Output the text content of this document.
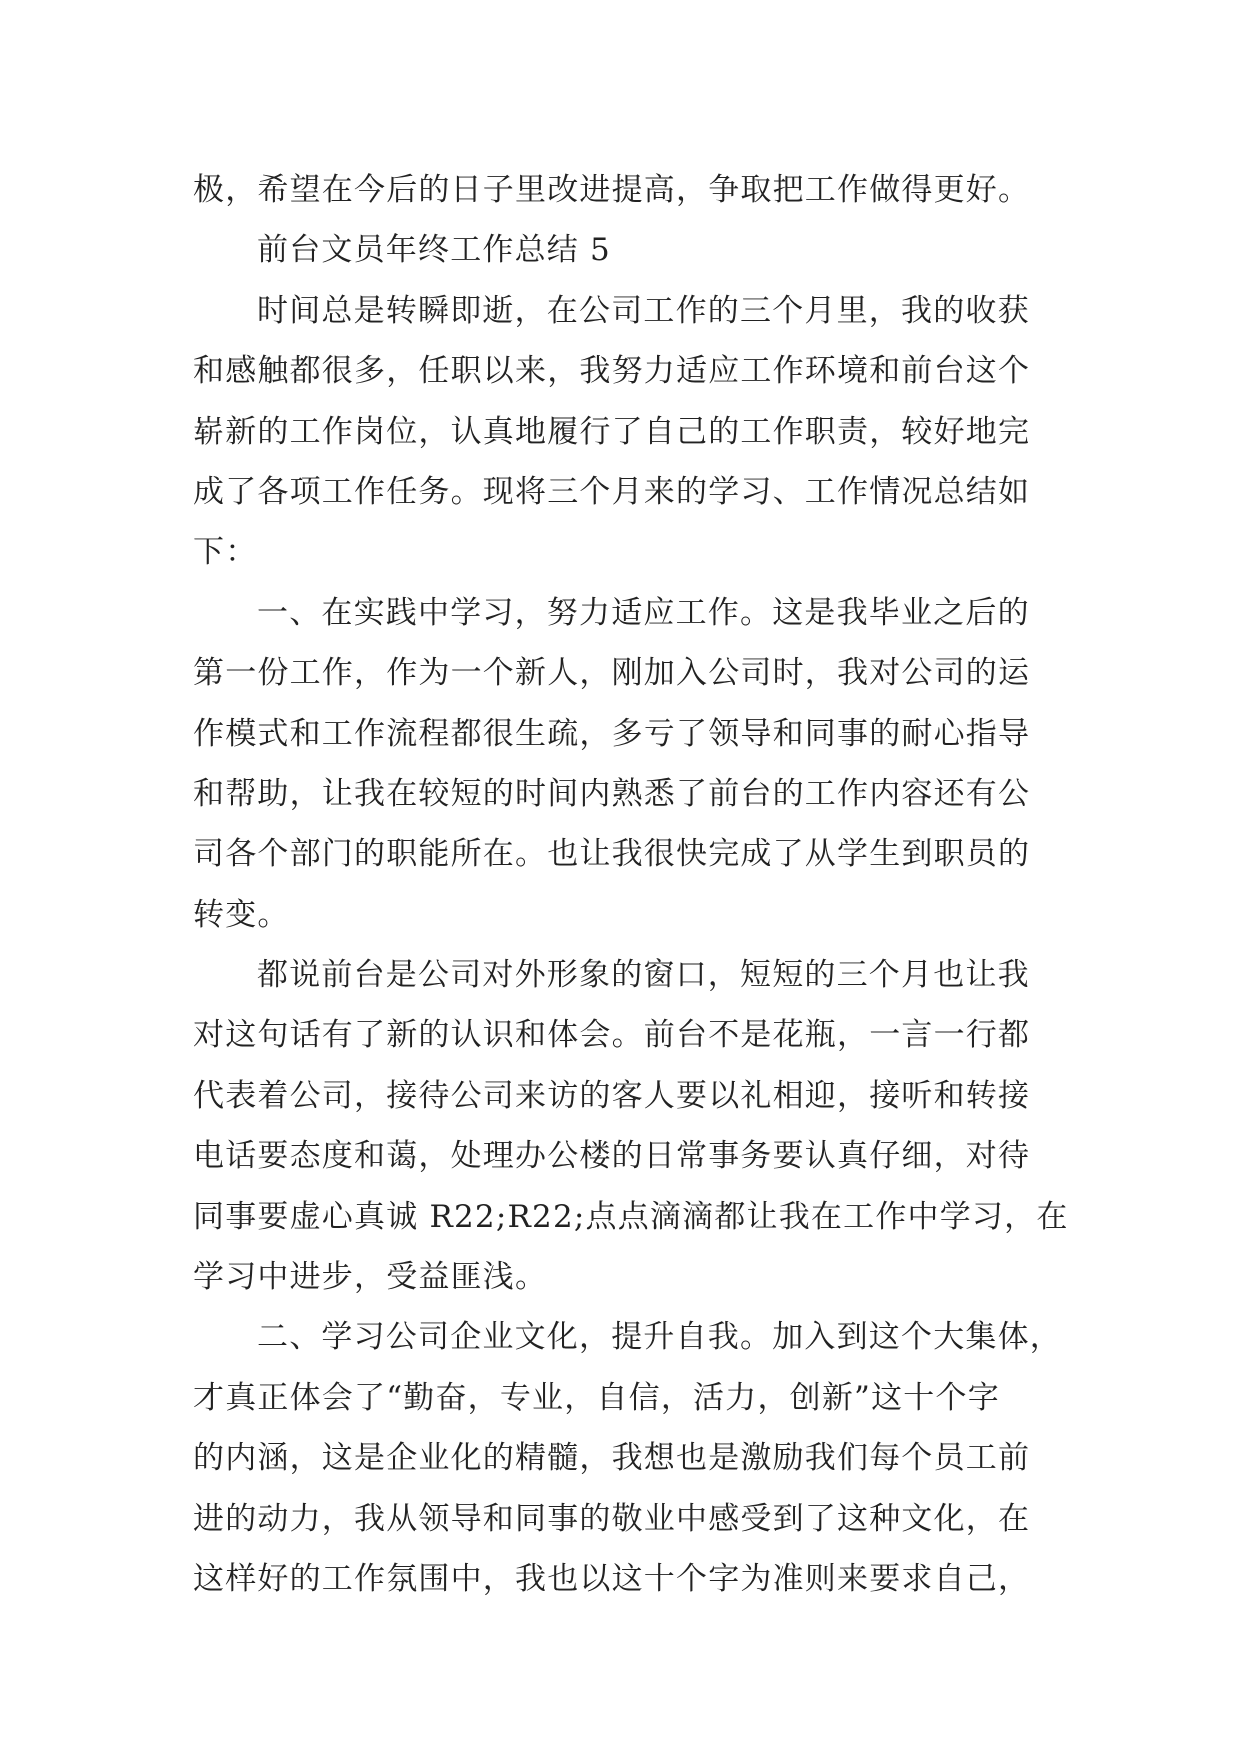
极，希望在今后的日子里改进提高，争取把工作做得更好。
前台文员年终工作总结 5
时间总是转瞬即逝，在公司工作的三个月里，我的收获
和感触都很多，任职以来，我努力适应工作环境和前台这个
崭新的工作岗位，认真地履行了自己的工作职责，较好地完
成了各项工作任务。现将三个月来的学习、工作情况总结如
下：
一、在实践中学习，努力适应工作。这是我毕业之后的
第一份工作，作为一个新人，刚加入公司时，我对公司的运
作模式和工作流程都很生疏，多亏了领导和同事的耐心指导
和帮助，让我在较短的时间内熟悉了前台的工作内容还有公
司各个部门的职能所在。也让我很快完成了从学生到职员的
转变。
都说前台是公司对外形象的窗口，短短的三个月也让我
对这句话有了新的认识和体会。前台不是花瓶，一言一行都
代表着公司，接待公司来访的客人要以礼相迎，接听和转接
电话要态度和蔼，处理办公楼的日常事务要认真仔细，对待
同事要虚心真诚 R22;R22;点点滴滴都让我在工作中学习，在
学习中进步，受益匪浅。
二、学习公司企业文化，提升自我。加入到这个大集体，
才真正体会了“勤奋，专业，自信，活力，创新”这十个字
的内涵，这是企业化的精髓，我想也是激励我们每个员工前
进的动力，我从领导和同事的敬业中感受到了这种文化，在
这样好的工作氛围中，我也以这十个字为准则来要求自己，
